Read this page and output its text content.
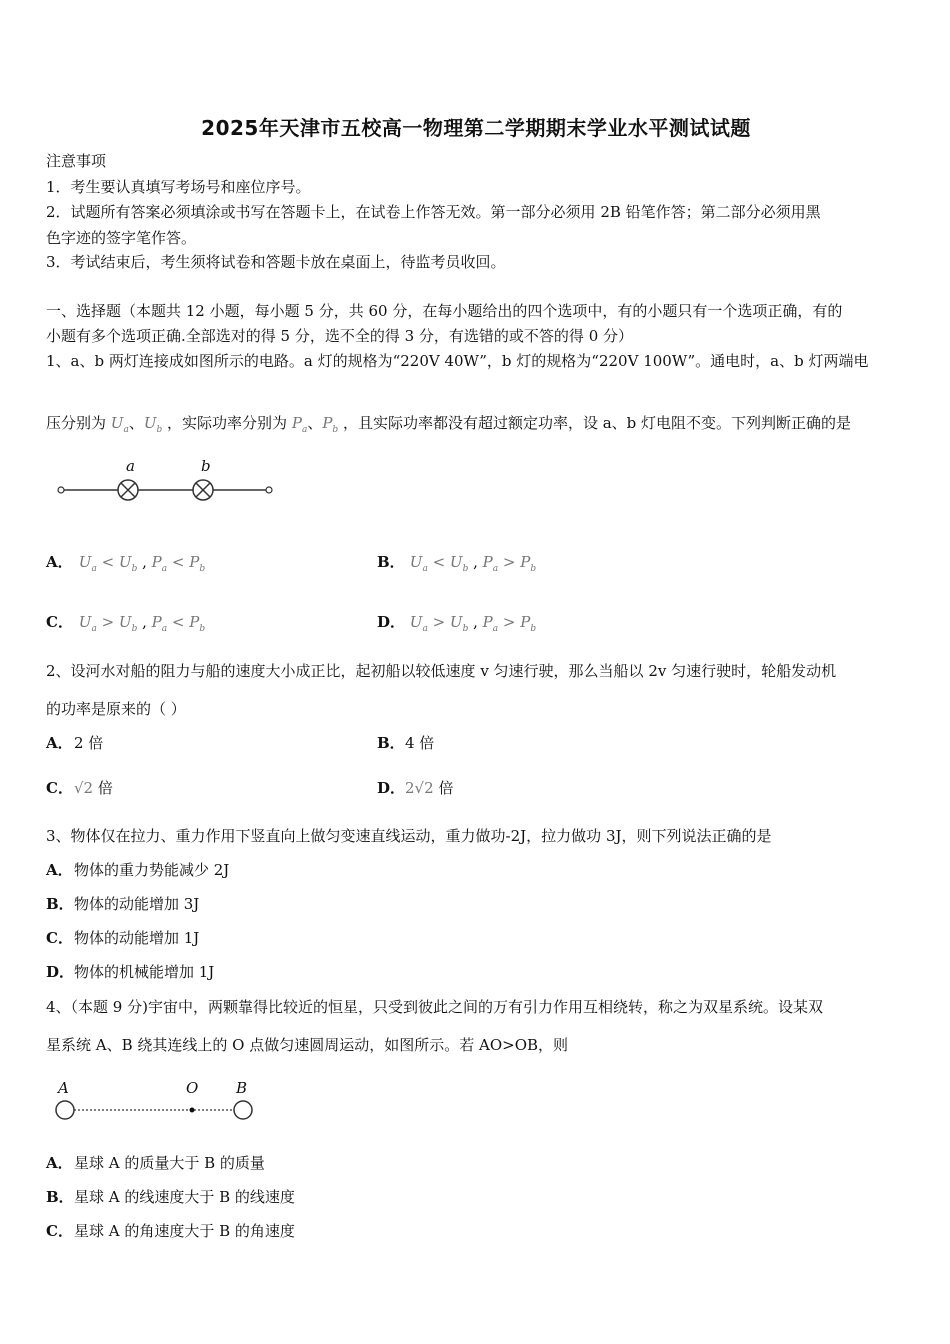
2025年天津市五校高一物理第二学期期末学业水平测试试题
注意事项
1．考生要认真填写考场号和座位序号。
2．试题所有答案必须填涂或书写在答题卡上，在试卷上作答无效。第一部分必须用 2B 铅笔作答；第二部分必须用黑
色字迹的签字笔作答。
3．考试结束后，考生须将试卷和答题卡放在桌面上，待监考员收回。
一、选择题（本题共 12 小题，每小题 5 分，共 60 分，在每小题给出的四个选项中，有的小题只有一个选项正确，有的
小题有多个选项正确.全部选对的得 5 分，选不全的得 3 分，有选错的或不答的得 0 分）
1、a、b 两灯连接成如图所示的电路。a 灯的规格为“220V 40W”，b 灯的规格为“220V 100W”。通电时，a、b 灯两端电
压分别为 $U_a$、$U_b$ ，实际功率分别为 $P_a$、$P_b$ ，且实际功率都没有超过额定功率，设 a、b 灯电阻不变。下列判断正确的是
a	b
A． $U_a < U_b$ , $P_a < P_b$	B． $U_a < U_b$ , $P_a > P_b$
C． $U_a > U_b$ , $P_a < P_b$	D． $U_a > U_b$ , $P_a > P_b$
2、设河水对船的阻力与船的速度大小成正比，起初船以较低速度 v 匀速行驶，那么当船以 2v 匀速行驶时，轮船发动机
的功率是原来的（ ）
A．2 倍	B．4 倍
C．√2 倍	D．2√2 倍
3、物体仅在拉力、重力作用下竖直向上做匀变速直线运动，重力做功-2J，拉力做功 3J，则下列说法正确的是
A．物体的重力势能减少 2J
B．物体的动能增加 3J
C．物体的动能增加 1J
D．物体的机械能增加 1J
4、（本题 9 分)宇宙中，两颗靠得比较近的恒星，只受到彼此之间的万有引力作用互相绕转，称之为双星系统。设某双
星系统 A、B 绕其连线上的 O 点做匀速圆周运动，如图所示。若 AO>OB，则
A	O	B
A．星球 A 的质量大于 B 的质量
B．星球 A 的线速度大于 B 的线速度
C．星球 A 的角速度大于 B 的角速度
